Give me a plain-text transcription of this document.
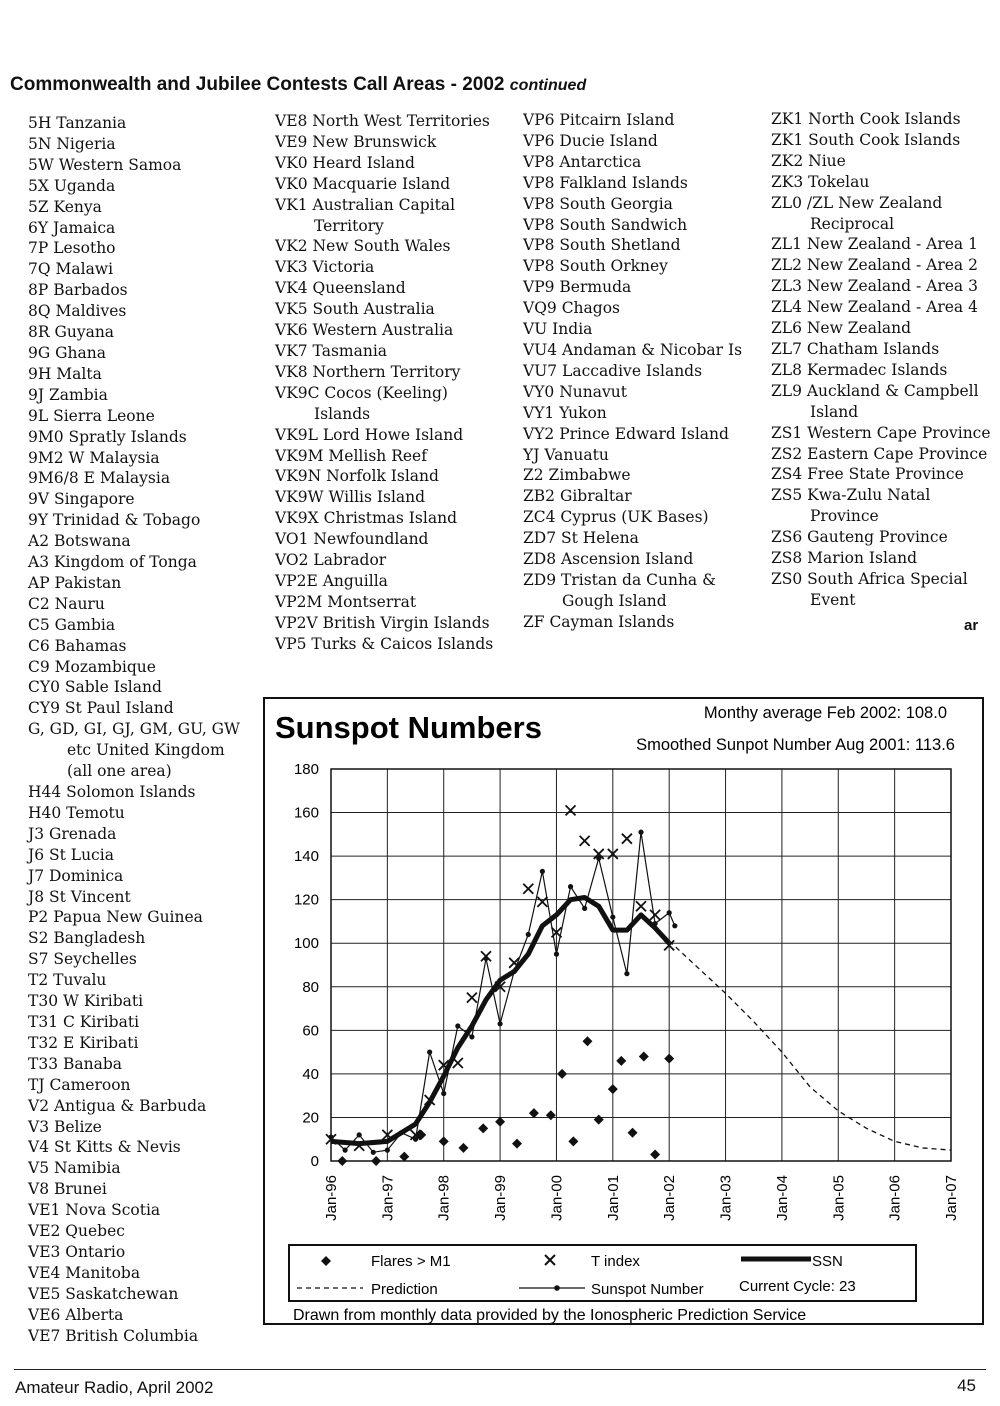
Commonwealth and Jubilee Contests Call Areas - 2002 continued
5H Tanzania
5N Nigeria
5W Western Samoa
5X Uganda
5Z Kenya
6Y Jamaica
7P Lesotho
7Q Malawi
8P Barbados
8Q Maldives
8R Guyana
9G Ghana
9H Malta
9J Zambia
9L Sierra Leone
9M0 Spratly Islands
9M2 W Malaysia
9M6/8 E Malaysia
9V Singapore
9Y Trinidad & Tobago
A2 Botswana
A3 Kingdom of Tonga
AP Pakistan
C2 Nauru
C5 Gambia
C6 Bahamas
C9 Mozambique
CY0 Sable Island
CY9 St Paul Island
G, GD, GI, GJ, GM, GU, GW
etc United Kingdom
(all one area)
H44 Solomon Islands
H40 Temotu
J3 Grenada
J6 St Lucia
J7 Dominica
J8 St Vincent
P2 Papua New Guinea
S2 Bangladesh
S7 Seychelles
T2 Tuvalu
T30 W Kiribati
T31 C Kiribati
T32 E Kiribati
T33 Banaba
TJ Cameroon
V2 Antigua & Barbuda
V3 Belize
V4 St Kitts & Nevis
V5 Namibia
V8 Brunei
VE1 Nova Scotia
VE2 Quebec
VE3 Ontario
VE4 Manitoba
VE5 Saskatchewan
VE6 Alberta
VE7 British Columbia
VE8 North West Territories
VE9 New Brunswick
VK0 Heard Island
VK0 Macquarie Island
VK1 Australian Capital
Territory
VK2 New South Wales
VK3 Victoria
VK4 Queensland
VK5 South Australia
VK6 Western Australia
VK7 Tasmania
VK8 Northern Territory
VK9C Cocos (Keeling)
Islands
VK9L Lord Howe Island
VK9M Mellish Reef
VK9N Norfolk Island
VK9W Willis Island
VK9X Christmas Island
VO1 Newfoundland
VO2 Labrador
VP2E Anguilla
VP2M Montserrat
VP2V British Virgin Islands
VP5 Turks & Caicos Islands
VP6 Pitcairn Island
VP6 Ducie Island
VP8 Antarctica
VP8 Falkland Islands
VP8 South Georgia
VP8 South Sandwich
VP8 South Shetland
VP8 South Orkney
VP9 Bermuda
VQ9 Chagos
VU India
VU4 Andaman & Nicobar Is
VU7 Laccadive Islands
VY0 Nunavut
VY1 Yukon
VY2 Prince Edward Island
YJ Vanuatu
Z2 Zimbabwe
ZB2 Gibraltar
ZC4 Cyprus (UK Bases)
ZD7 St Helena
ZD8 Ascension Island
ZD9 Tristan da Cunha &
Gough Island
ZF Cayman Islands
ZK1 North Cook Islands
ZK1 South Cook Islands
ZK2 Niue
ZK3 Tokelau
ZL0 /ZL New Zealand
Reciprocal
ZL1 New Zealand - Area 1
ZL2 New Zealand - Area 2
ZL3 New Zealand - Area 3
ZL4 New Zealand - Area 4
ZL6 New Zealand
ZL7 Chatham Islands
ZL8 Kermadec Islands
ZL9 Auckland & Campbell
Island
ZS1 Western Cape Province
ZS2 Eastern Cape Province
ZS4 Free State Province
ZS5 Kwa-Zulu Natal
Province
ZS6 Gauteng Province
ZS8 Marion Island
ZS0 South Africa Special
Event
ar
Sunspot Numbers	Monthy average Feb 2002: 108.0
Smoothed Sunpot Number Aug 2001: 113.6
0
20
40
60
80
100
120
140
160
180
Jan-96	Jan-97	Jan-98	Jan-99	Jan-00	Jan-01	Jan-02	Jan-03	Jan-04	Jan-05	Jan-06	Jan-07
Flares > M1	T index	SSN
Prediction	Sunspot Number Current Cycle: 23
Drawn from monthly data provided by the Ionospheric Prediction Service
Amateur Radio, April 2002	45
